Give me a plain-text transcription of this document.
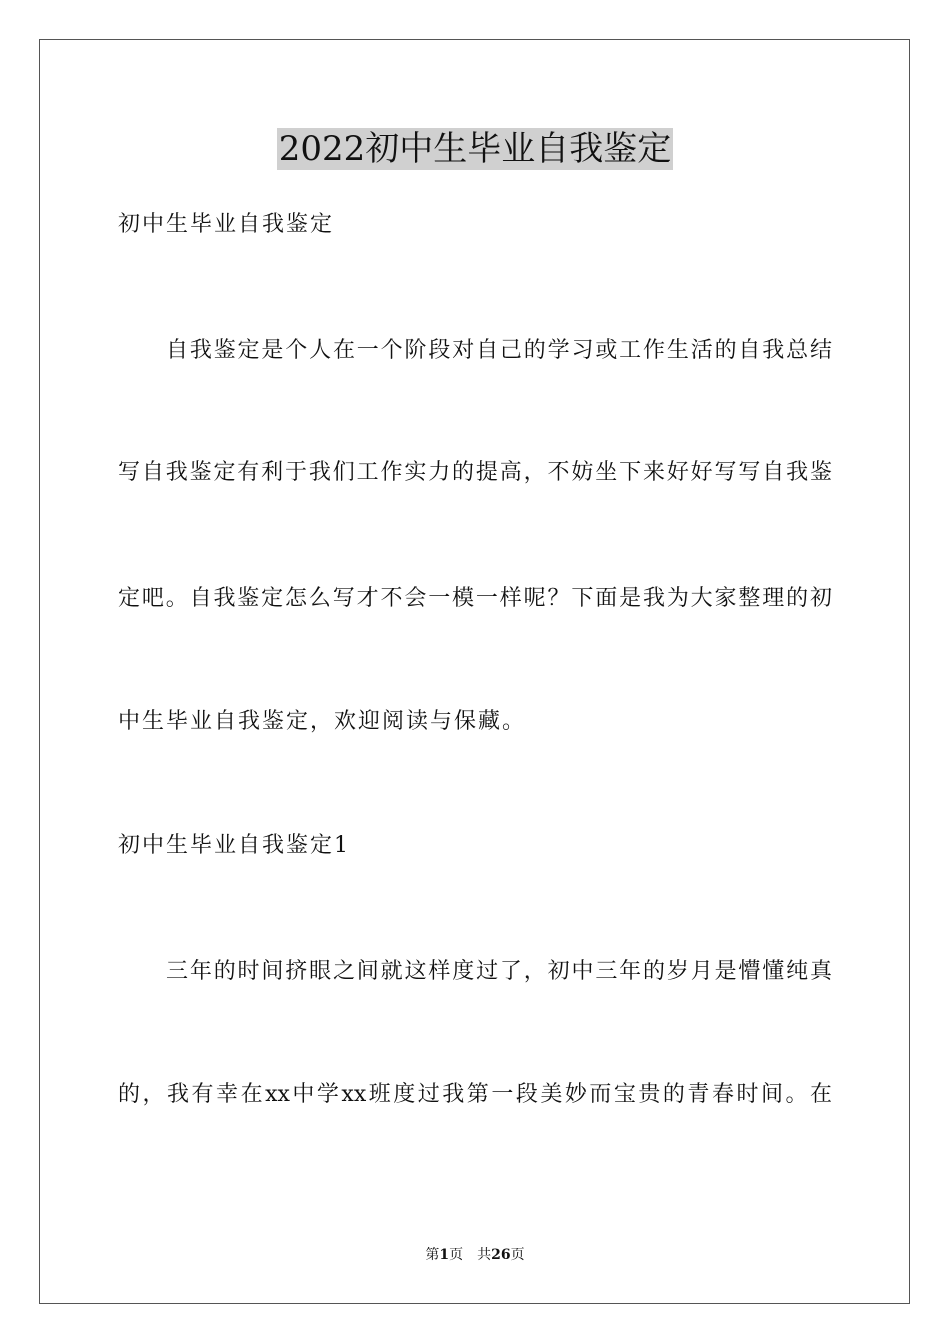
2022初中生毕业自我鉴定
初中生毕业自我鉴定
自我鉴定是个人在一个阶段对自己的学习或工作生活的自我总结
写自我鉴定有利于我们工作实力的提高，不妨坐下来好好写写自我鉴
定吧。自我鉴定怎么写才不会一模一样呢？下面是我为大家整理的初
中生毕业自我鉴定，欢迎阅读与保藏。
初中生毕业自我鉴定1
三年的时间挤眼之间就这样度过了，初中三年的岁月是懵懂纯真
的，我有幸在xx中学xx班度过我第一段美妙而宝贵的青春时间。在
第1页　共26页
